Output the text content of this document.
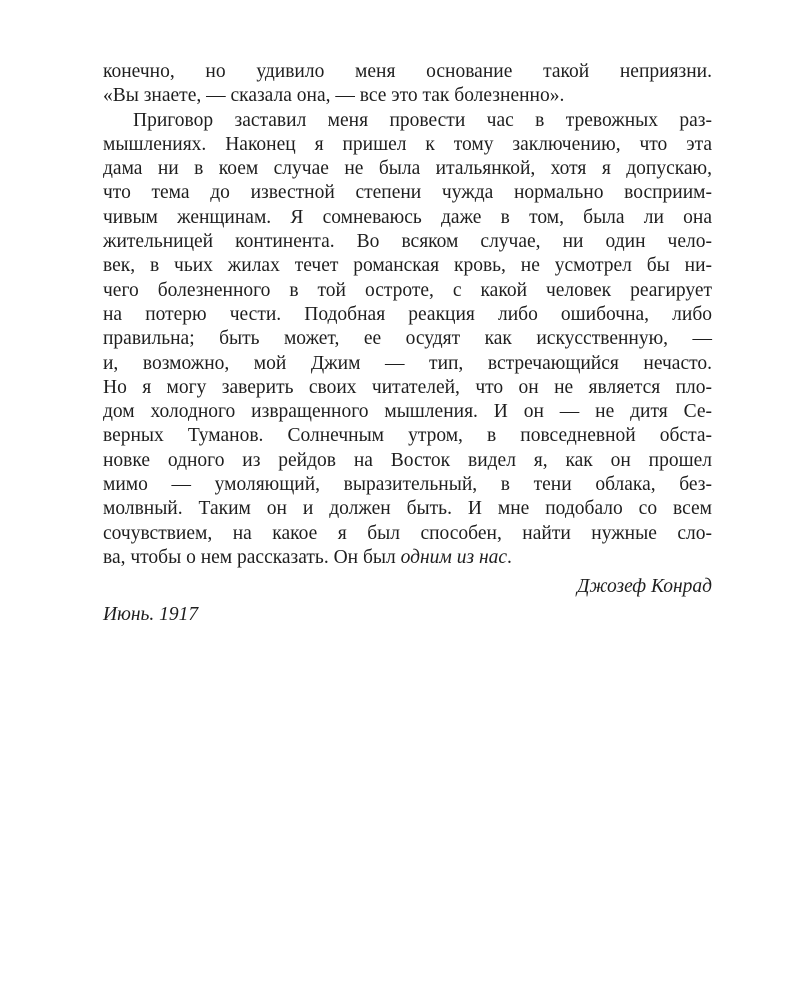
конечно, но удивило меня основание такой неприязни.
«Вы знаете, — сказала она, — все это так болезненно».
Приговор заставил меня провести час в тревожных раз-
мышлениях. Наконец я пришел к тому заключению, что эта
дама ни в коем случае не была итальянкой, хотя я допускаю,
что тема до известной степени чужда нормально восприим-
чивым женщинам. Я сомневаюсь даже в том, была ли она
жительницей континента. Во всяком случае, ни один чело-
век, в чьих жилах течет романская кровь, не усмотрел бы ни-
чего болезненного в той остроте, с какой человек реагирует
на потерю чести. Подобная реакция либо ошибочна, либо
правильна; быть может, ее осудят как искусственную, —
и, возможно, мой Джим — тип, встречающийся нечасто.
Но я могу заверить своих читателей, что он не является пло-
дом холодного извращенного мышления. И он — не дитя Се-
верных Туманов. Солнечным утром, в повседневной обста-
новке одного из рейдов на Восток видел я, как он прошел
мимо — умоляющий, выразительный, в тени облака, без-
молвный. Таким он и должен быть. И мне подобало со всем
сочувствием, на какое я был способен, найти нужные сло-
ва, чтобы о нем рассказать. Он был одним из нас.
Джозеф Конрад
Июнь. 1917
